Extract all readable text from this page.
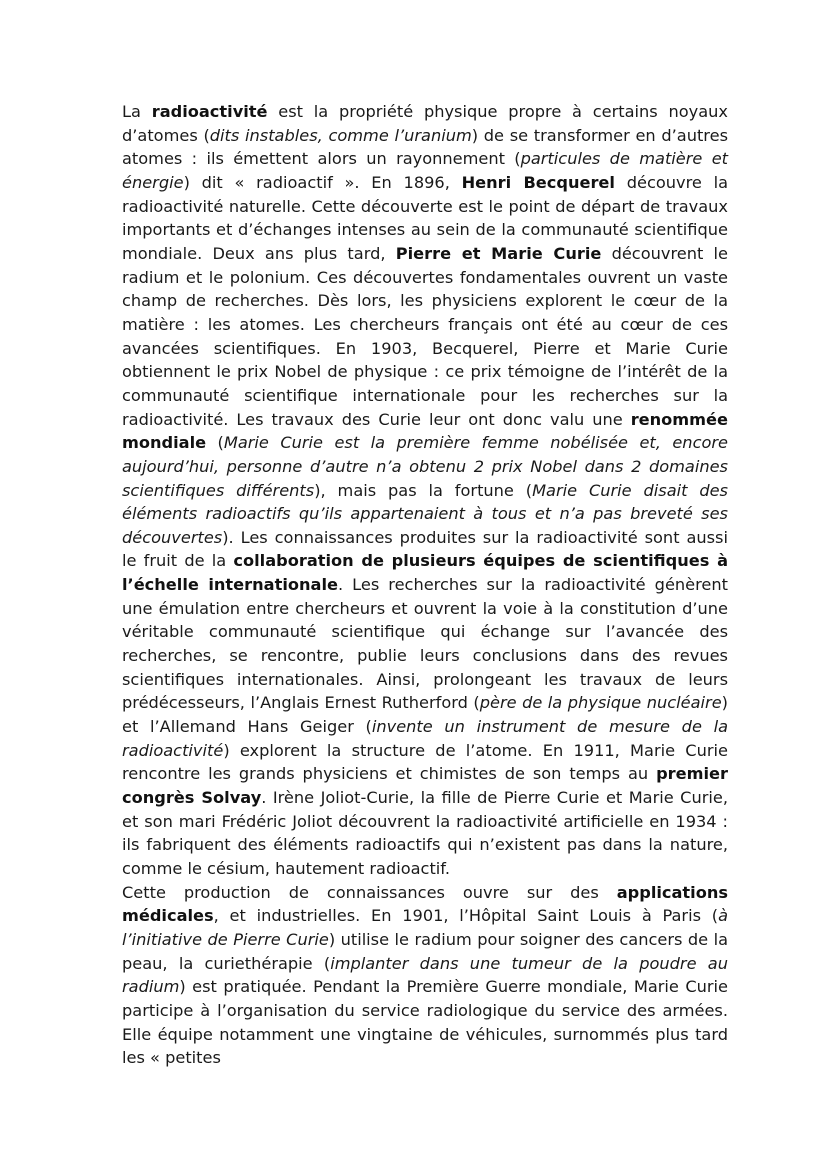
La radioactivité est la propriété physique propre à certains noyaux d’atomes (dits instables, comme l’uranium) de se transformer en d’autres atomes : ils émettent alors un rayonnement (particules de matière et énergie) dit « radioactif ». En 1896, Henri Becquerel découvre la radioactivité naturelle. Cette découverte est le point de départ de travaux importants et d’échanges intenses au sein de la communauté scientifique mondiale. Deux ans plus tard, Pierre et Marie Curie découvrent le radium et le polonium. Ces découvertes fondamentales ouvrent un vaste champ de recherches. Dès lors, les physiciens explorent le cœur de la matière : les atomes. Les chercheurs français ont été au cœur de ces avancées scientifiques. En 1903, Becquerel, Pierre et Marie Curie obtiennent le prix Nobel de physique : ce prix témoigne de l’intérêt de la communauté scientifique internationale pour les recherches sur la radioactivité. Les travaux des Curie leur ont donc valu une renommée mondiale (Marie Curie est la première femme nobélisée et, encore aujourd’hui, personne d’autre n’a obtenu 2 prix Nobel dans 2 domaines scientifiques différents), mais pas la fortune (Marie Curie disait des éléments radioactifs qu’ils appartenaient à tous et n’a pas breveté ses découvertes). Les connaissances produites sur la radioactivité sont aussi le fruit de la collaboration de plusieurs équipes de scientifiques à l’échelle internationale. Les recherches sur la radioactivité génèrent une émulation entre chercheurs et ouvrent la voie à la constitution d’une véritable communauté scientifique qui échange sur l’avancée des recherches, se rencontre, publie leurs conclusions dans des revues scientifiques internationales. Ainsi, prolongeant les travaux de leurs prédécesseurs, l’Anglais Ernest Rutherford (père de la physique nucléaire) et l’Allemand Hans Geiger (invente un instrument de mesure de la radioactivité) explorent la structure de l’atome. En 1911, Marie Curie rencontre les grands physiciens et chimistes de son temps au premier congrès Solvay. Irène Joliot-Curie, la fille de Pierre Curie et Marie Curie, et son mari Frédéric Joliot découvrent la radioactivité artificielle en 1934 : ils fabriquent des éléments radioactifs qui n’existent pas dans la nature, comme le césium, hautement radioactif.

Cette production de connaissances ouvre sur des applications médicales, et industrielles. En 1901, l’Hôpital Saint Louis à Paris (à l’initiative de Pierre Curie) utilise le radium pour soigner des cancers de la peau, la curiethérapie (implanter dans une tumeur de la poudre au radium) est pratiquée. Pendant la Première Guerre mondiale, Marie Curie participe à l’organisation du service radiologique du service des armées. Elle équipe notamment une vingtaine de véhicules, surnommés plus tard les « petites
